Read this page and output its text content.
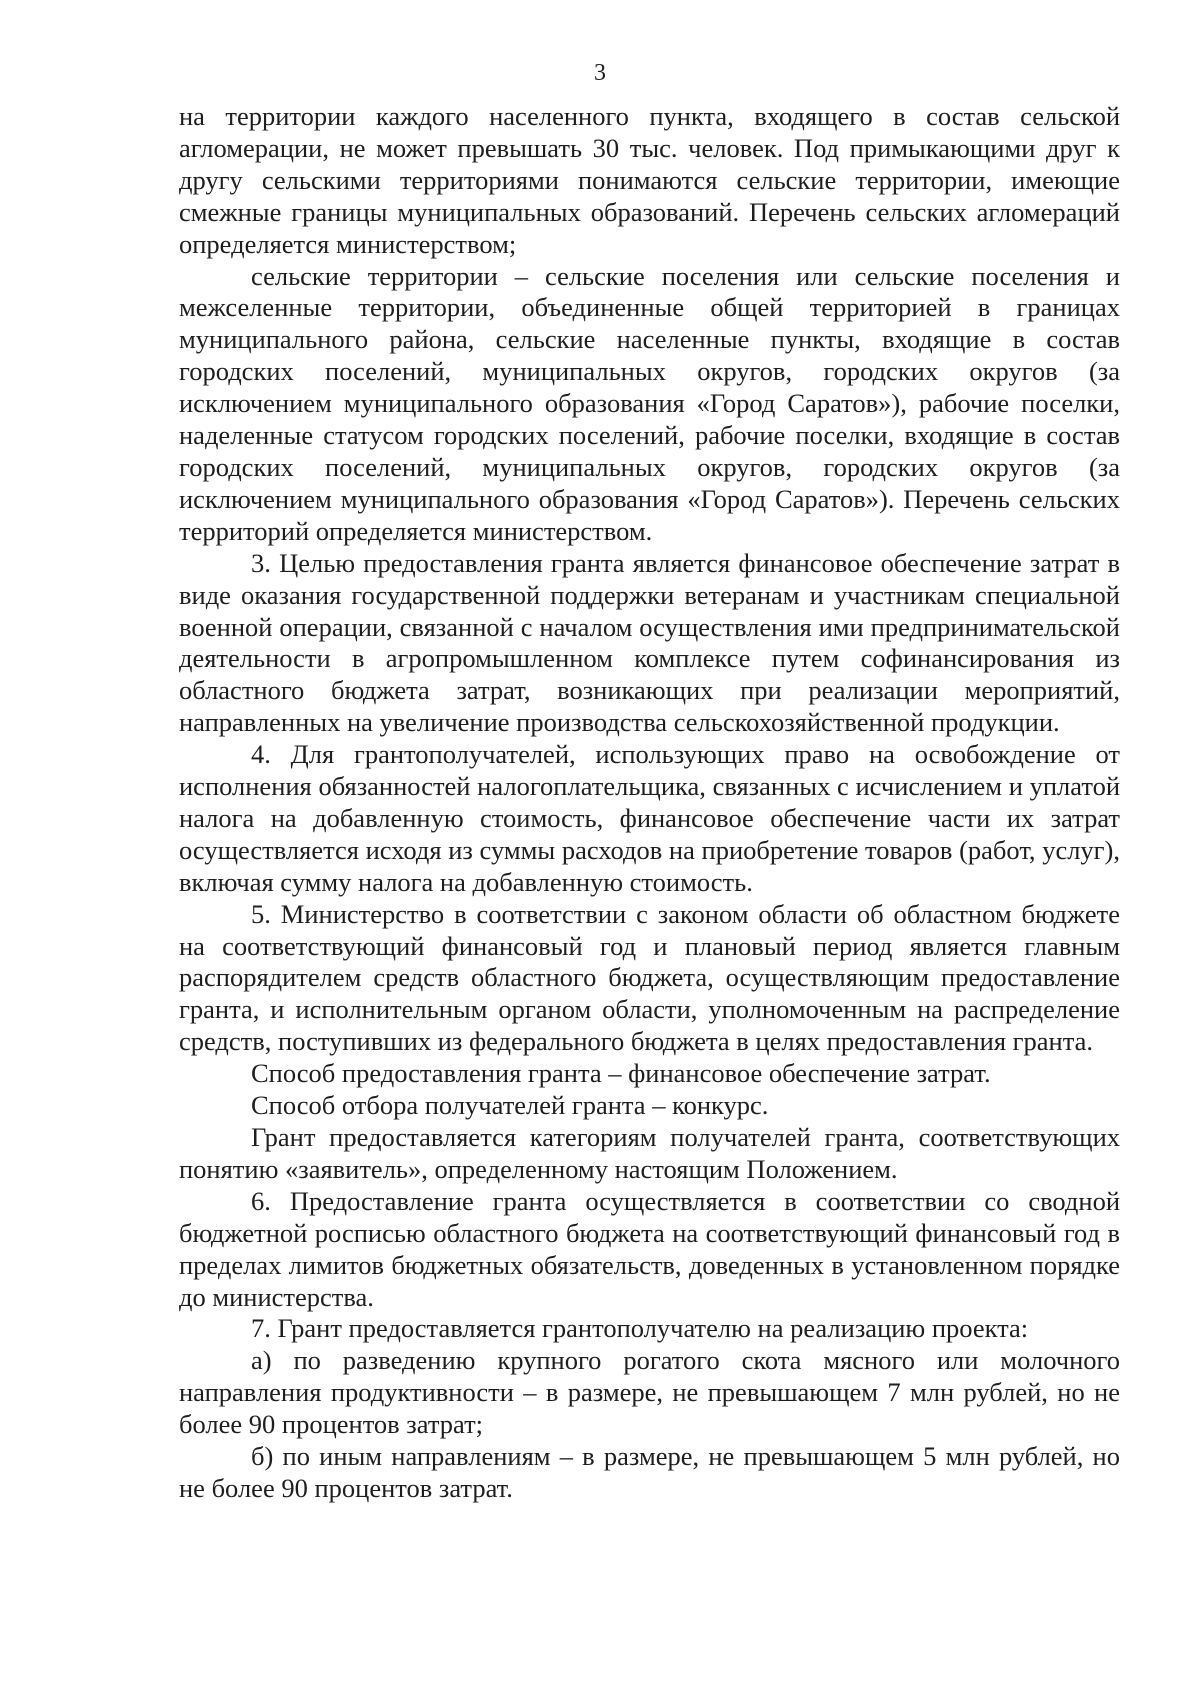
3

на территории каждого населенного пункта, входящего в состав сельской агломерации, не может превышать 30 тыс. человек. Под примыкающими друг к другу сельскими территориями понимаются сельские территории, имеющие смежные границы муниципальных образований. Перечень сельских агломераций определяется министерством;

сельские территории – сельские поселения или сельские поселения и межселенные территории, объединенные общей территорией в границах муниципального района, сельские населенные пункты, входящие в состав городских поселений, муниципальных округов, городских округов (за исключением муниципального образования «Город Саратов»), рабочие поселки, наделенные статусом городских поселений, рабочие поселки, входящие в состав городских поселений, муниципальных округов, городских округов (за исключением муниципального образования «Город Саратов»). Перечень сельских территорий определяется министерством.

3. Целью предоставления гранта является финансовое обеспечение затрат в виде оказания государственной поддержки ветеранам и участникам специальной военной операции, связанной с началом осуществления ими предпринимательской деятельности в агропромышленном комплексе путем софинансирования из областного бюджета затрат, возникающих при реализации мероприятий, направленных на увеличение производства сельскохозяйственной продукции.

4. Для грантополучателей, использующих право на освобождение от исполнения обязанностей налогоплательщика, связанных с исчислением и уплатой налога на добавленную стоимость, финансовое обеспечение части их затрат осуществляется исходя из суммы расходов на приобретение товаров (работ, услуг), включая сумму налога на добавленную стоимость.

5. Министерство в соответствии с законом области об областном бюджете на соответствующий финансовый год и плановый период является главным распорядителем средств областного бюджета, осуществляющим предоставление гранта, и исполнительным органом области, уполномоченным на распределение средств, поступивших из федерального бюджета в целях предоставления гранта.

Способ предоставления гранта – финансовое обеспечение затрат.

Способ отбора получателей гранта – конкурс.

Грант предоставляется категориям получателей гранта, соответствующих понятию «заявитель», определенному настоящим Положением.

6. Предоставление гранта осуществляется в соответствии со сводной бюджетной росписью областного бюджета на соответствующий финансовый год в пределах лимитов бюджетных обязательств, доведенных в установленном порядке до министерства.

7. Грант предоставляется грантополучателю на реализацию проекта:

а) по разведению крупного рогатого скота мясного или молочного направления продуктивности – в размере, не превышающем 7 млн рублей, но не более 90 процентов затрат;

б) по иным направлениям – в размере, не превышающем 5 млн рублей, но не более 90 процентов затрат.
